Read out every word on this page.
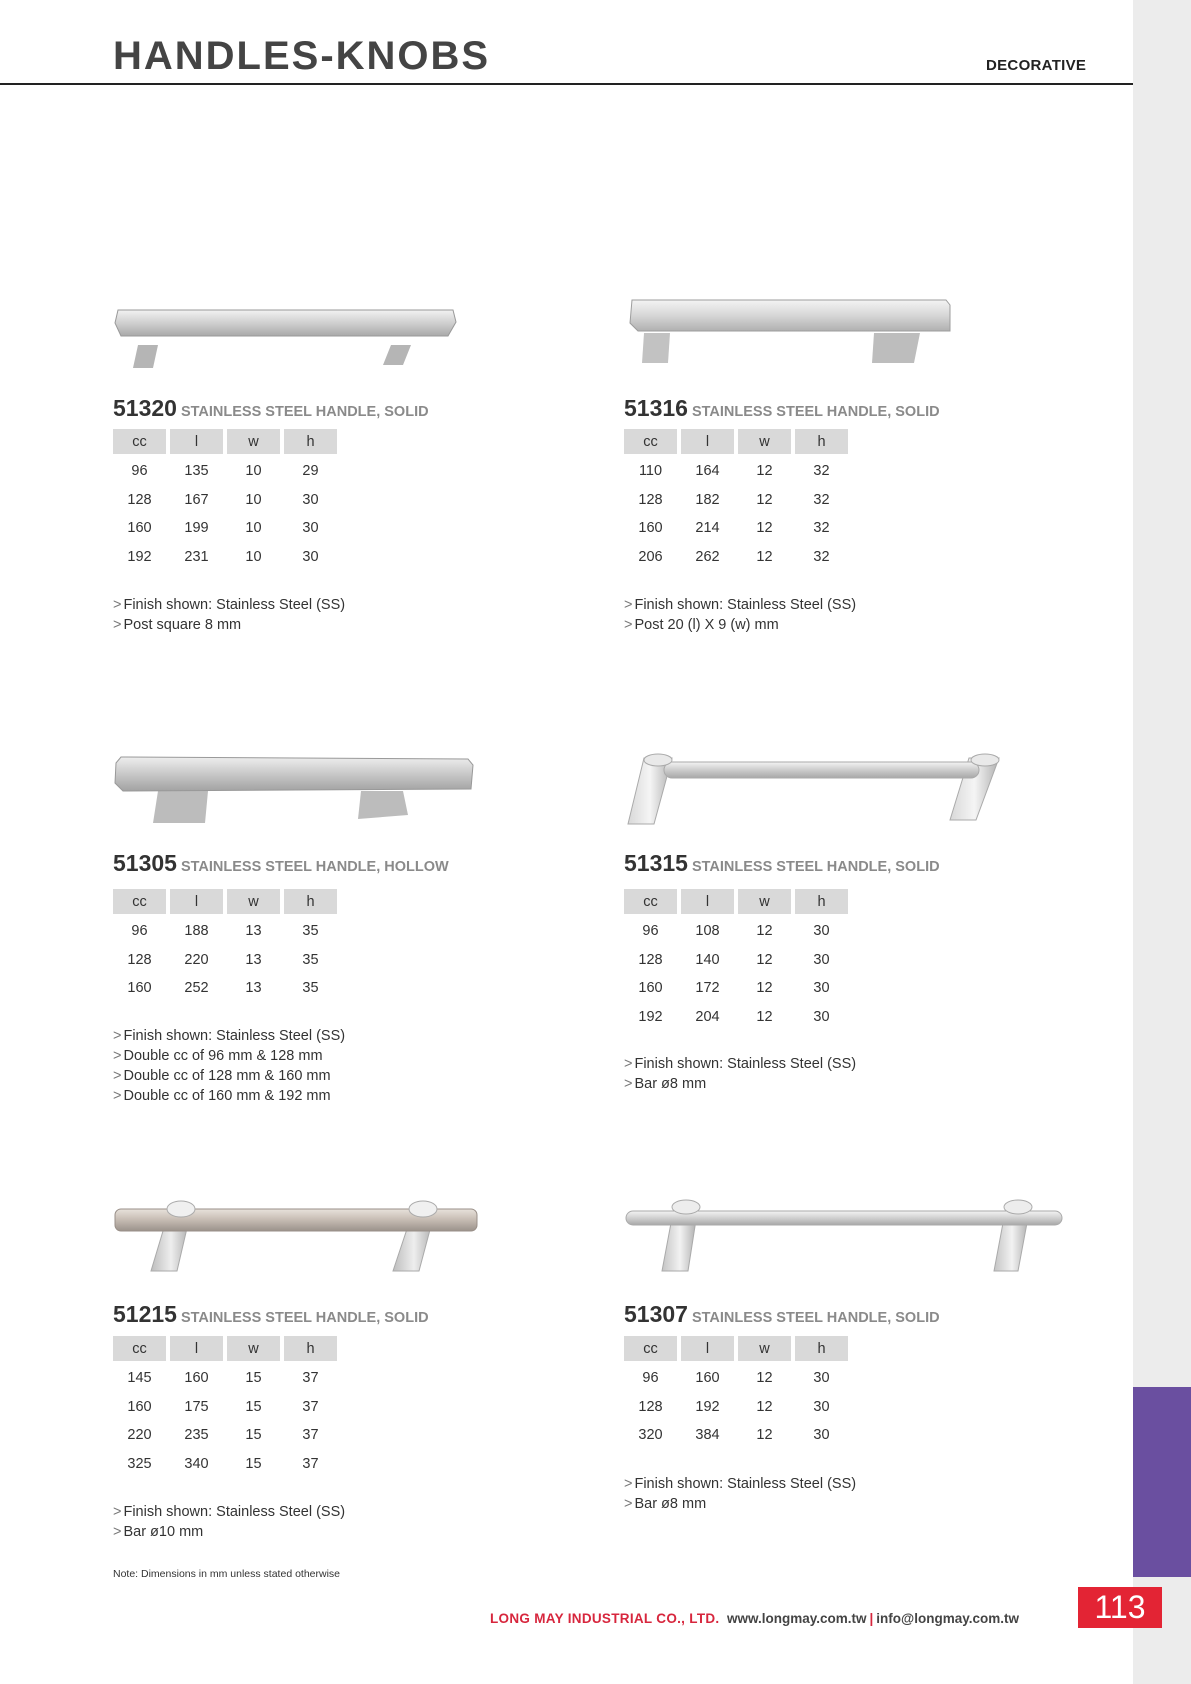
HANDLES-KNOBS	DECORATIVE
51320 STAINLESS STEEL HANDLE, SOLID
cc	l	w	h
96	135	10	29
128	167	10	30
160	199	10	30
192	231	10	30
> Finish shown: Stainless Steel (SS)
> Post square 8 mm
51316 STAINLESS STEEL HANDLE, SOLID
cc	l	w	h
110	164	12	32
128	182	12	32
160	214	12	32
206	262	12	32
> Finish shown: Stainless Steel (SS)
> Post 20 (l) X 9 (w) mm
51305 STAINLESS STEEL HANDLE, HOLLOW
cc	l	w	h
96	188	13	35
128	220	13	35
160	252	13	35
> Finish shown: Stainless Steel (SS)
> Double cc of 96 mm & 128 mm
> Double cc of 128 mm & 160 mm
> Double cc of 160 mm & 192 mm
51315 STAINLESS STEEL HANDLE, SOLID
cc	l	w	h
96	108	12	30
128	140	12	30
160	172	12	30
192	204	12	30
> Finish shown: Stainless Steel (SS)
> Bar ø8 mm
51215 STAINLESS STEEL HANDLE, SOLID
cc	l	w	h
145	160	15	37
160	175	15	37
220	235	15	37
325	340	15	37
> Finish shown: Stainless Steel (SS)
> Bar ø10 mm
51307 STAINLESS STEEL HANDLE, SOLID
cc	l	w	h
96	160	12	30
128	192	12	30
320	384	12	30
> Finish shown: Stainless Steel (SS)
> Bar ø8 mm
Note: Dimensions in mm unless stated otherwise
LONG MAY INDUSTRIAL CO., LTD. www.longmay.com.tw | info@longmay.com.tw	113
